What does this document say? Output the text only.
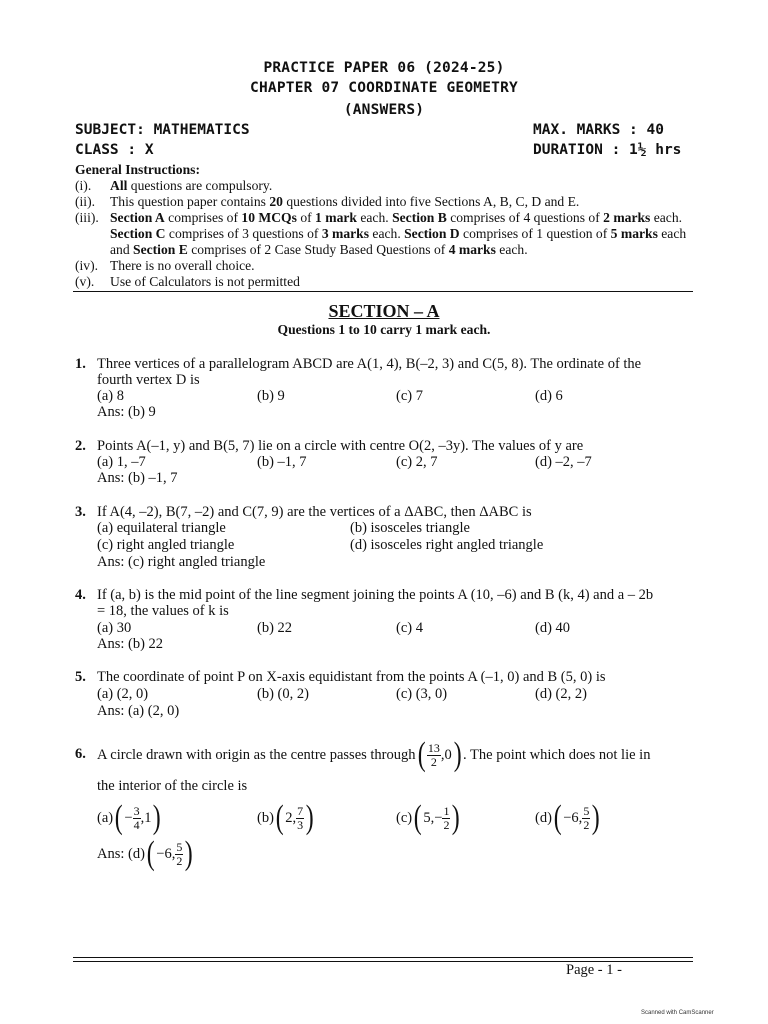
PRACTICE PAPER 06 (2024-25)
CHAPTER 07 COORDINATE GEOMETRY
(ANSWERS)
SUBJECT: MATHEMATICS	MAX. MARKS : 40
CLASS : X	DURATION : 1½ hrs
General Instructions:
(i). All questions are compulsory.
(ii). This question paper contains 20 questions divided into five Sections A, B, C, D and E.
(iii). Section A comprises of 10 MCQs of 1 mark each. Section B comprises of 4 questions of 2 marks each. Section C comprises of 3 questions of 3 marks each. Section D comprises of 1 question of 5 marks each and Section E comprises of 2 Case Study Based Questions of 4 marks each.
(iv). There is no overall choice.
(v). Use of Calculators is not permitted
SECTION – A
Questions 1 to 10 carry 1 mark each.
1. Three vertices of a parallelogram ABCD are A(1, 4), B(–2, 3) and C(5, 8). The ordinate of the
fourth vertex D is
(a) 8	(b) 9	(c) 7	(d) 6
Ans: (b) 9
2. Points A(–1, y) and B(5, 7) lie on a circle with centre O(2, –3y). The values of y are
(a) 1, –7	(b) –1, 7	(c) 2, 7	(d) –2, –7
Ans: (b) –1, 7
3. If A(4, –2), B(7, –2) and C(7, 9) are the vertices of a ΔABC, then ΔABC is
(a) equilateral triangle	(b) isosceles triangle
(c) right angled triangle	(d) isosceles right angled triangle
Ans: (c) right angled triangle
4. If (a, b) is the mid point of the line segment joining the points A (10, –6) and B (k, 4) and a – 2b
= 18, the values of k is
(a) 30	(b) 22	(c) 4	(d) 40
Ans: (b) 22
5. The coordinate of point P on X-axis equidistant from the points A (–1, 0) and B (5, 0) is
(a) (2, 0)	(b) (0, 2)	(c) (3, 0)	(d) (2, 2)
Ans: (a) (2, 0)
6. A circle drawn with origin as the centre passes through ( $\frac{13}{2} ,0$ ) . The point which does not lie in
the interior of the circle is
(a) ( − $\frac{3}{4} ,1$ )	(b) ( 2, $\frac{7}{3}$ )	(c) ( $5,- \frac{1}{2}$ )	(d) ( −6, $\frac{5}{2}$ )
Ans: (d) ( −6, $\frac{5}{2}$ )
Page - 1 -
Scanned with CamScanner
